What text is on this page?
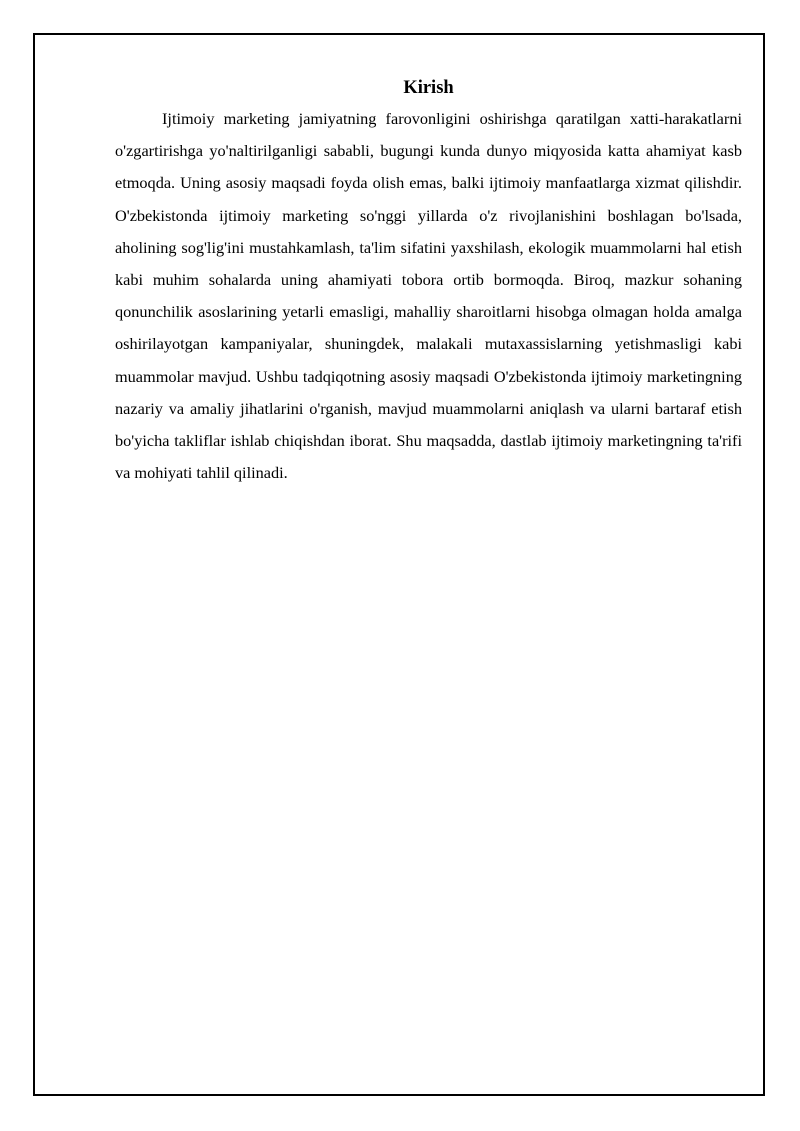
Kirish

Ijtimoiy marketing jamiyatning farovonligini oshirishga qaratilgan xatti-harakatlarni o'zgartirishga yo'naltirilganligi sababli, bugungi kunda dunyo miqyosida katta ahamiyat kasb etmoqda. Uning asosiy maqsadi foyda olish emas, balki ijtimoiy manfaatlarga xizmat qilishdir. O'zbekistonda ijtimoiy marketing so'nggi yillarda o'z rivojlanishini boshlagan bo'lsada, aholining sog'lig'ini mustahkamlash, ta'lim sifatini yaxshilash, ekologik muammolarni hal etish kabi muhim sohalarda uning ahamiyati tobora ortib bormoqda. Biroq, mazkur sohaning qonunchilik asoslarining yetarli emasligi, mahalliy sharoitlarni hisobga olmagan holda amalga oshirilayotgan kampaniyalar, shuningdek, malakali mutaxassislarning yetishmasligi kabi muammolar mavjud. Ushbu tadqiqotning asosiy maqsadi O'zbekistonda ijtimoiy marketingning nazariy va amaliy jihatlarini o'rganish, mavjud muammolarni aniqlash va ularni bartaraf etish bo'yicha takliflar ishlab chiqishdan iborat. Shu maqsadda, dastlab ijtimoiy marketingning ta'rifi va mohiyati tahlil qilinadi.
